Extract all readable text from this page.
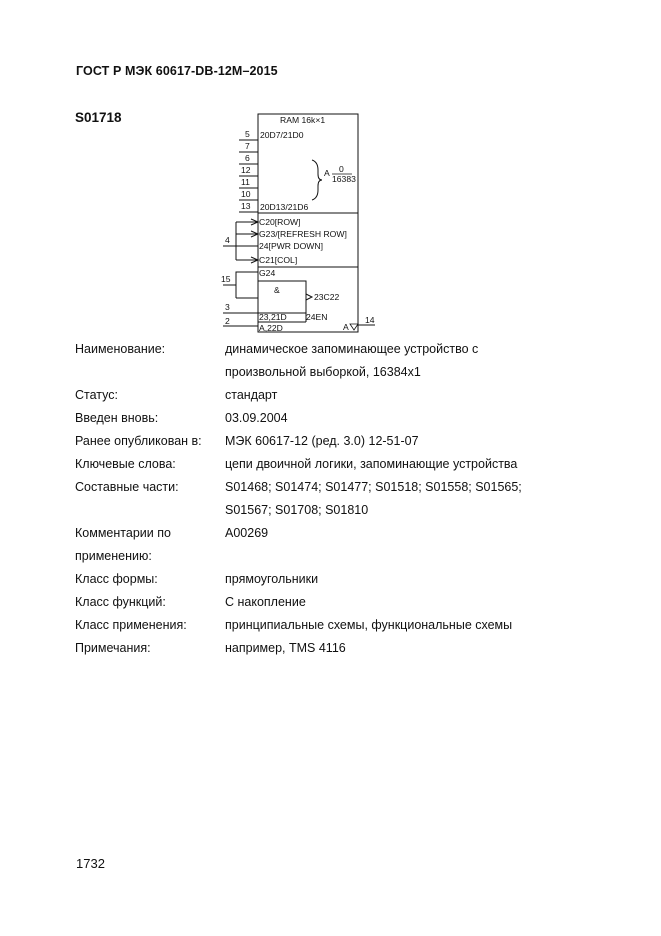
ГОСТ Р МЭК 60617-DB-12M–2015
S01718	RAM 16k×1
20D7/21D0
20D13/21D6
A 0
16383
C20[ROW]
G23/[REFRESH ROW]
24[PWR DOWN]
C21[COL]
G24
&
23C22
23,21D 24EN
A,22D	A
5
7
6
12
11
10
13
4
15
3
2	14
Наименование:	динамическое запоминающее устройство с
произвольной выборкой, 16384x1
Статус:	стандарт
Введен вновь:	03.09.2004
Ранее опубликован в:	МЭК 60617-12 (ред. 3.0) 12-51-07
Ключевые слова:	цепи двоичной логики, запоминающие устройства
Составные части:	S01468; S01474; S01477; S01518; S01558; S01565;
S01567; S01708; S01810
Комментарии по	A00269
применению:
Класс формы:	прямоугольники
Класс функций:	С накопление
Класс применения:	принципиальные схемы, функциональные схемы
Примечания:	например, TMS 4116
1732
